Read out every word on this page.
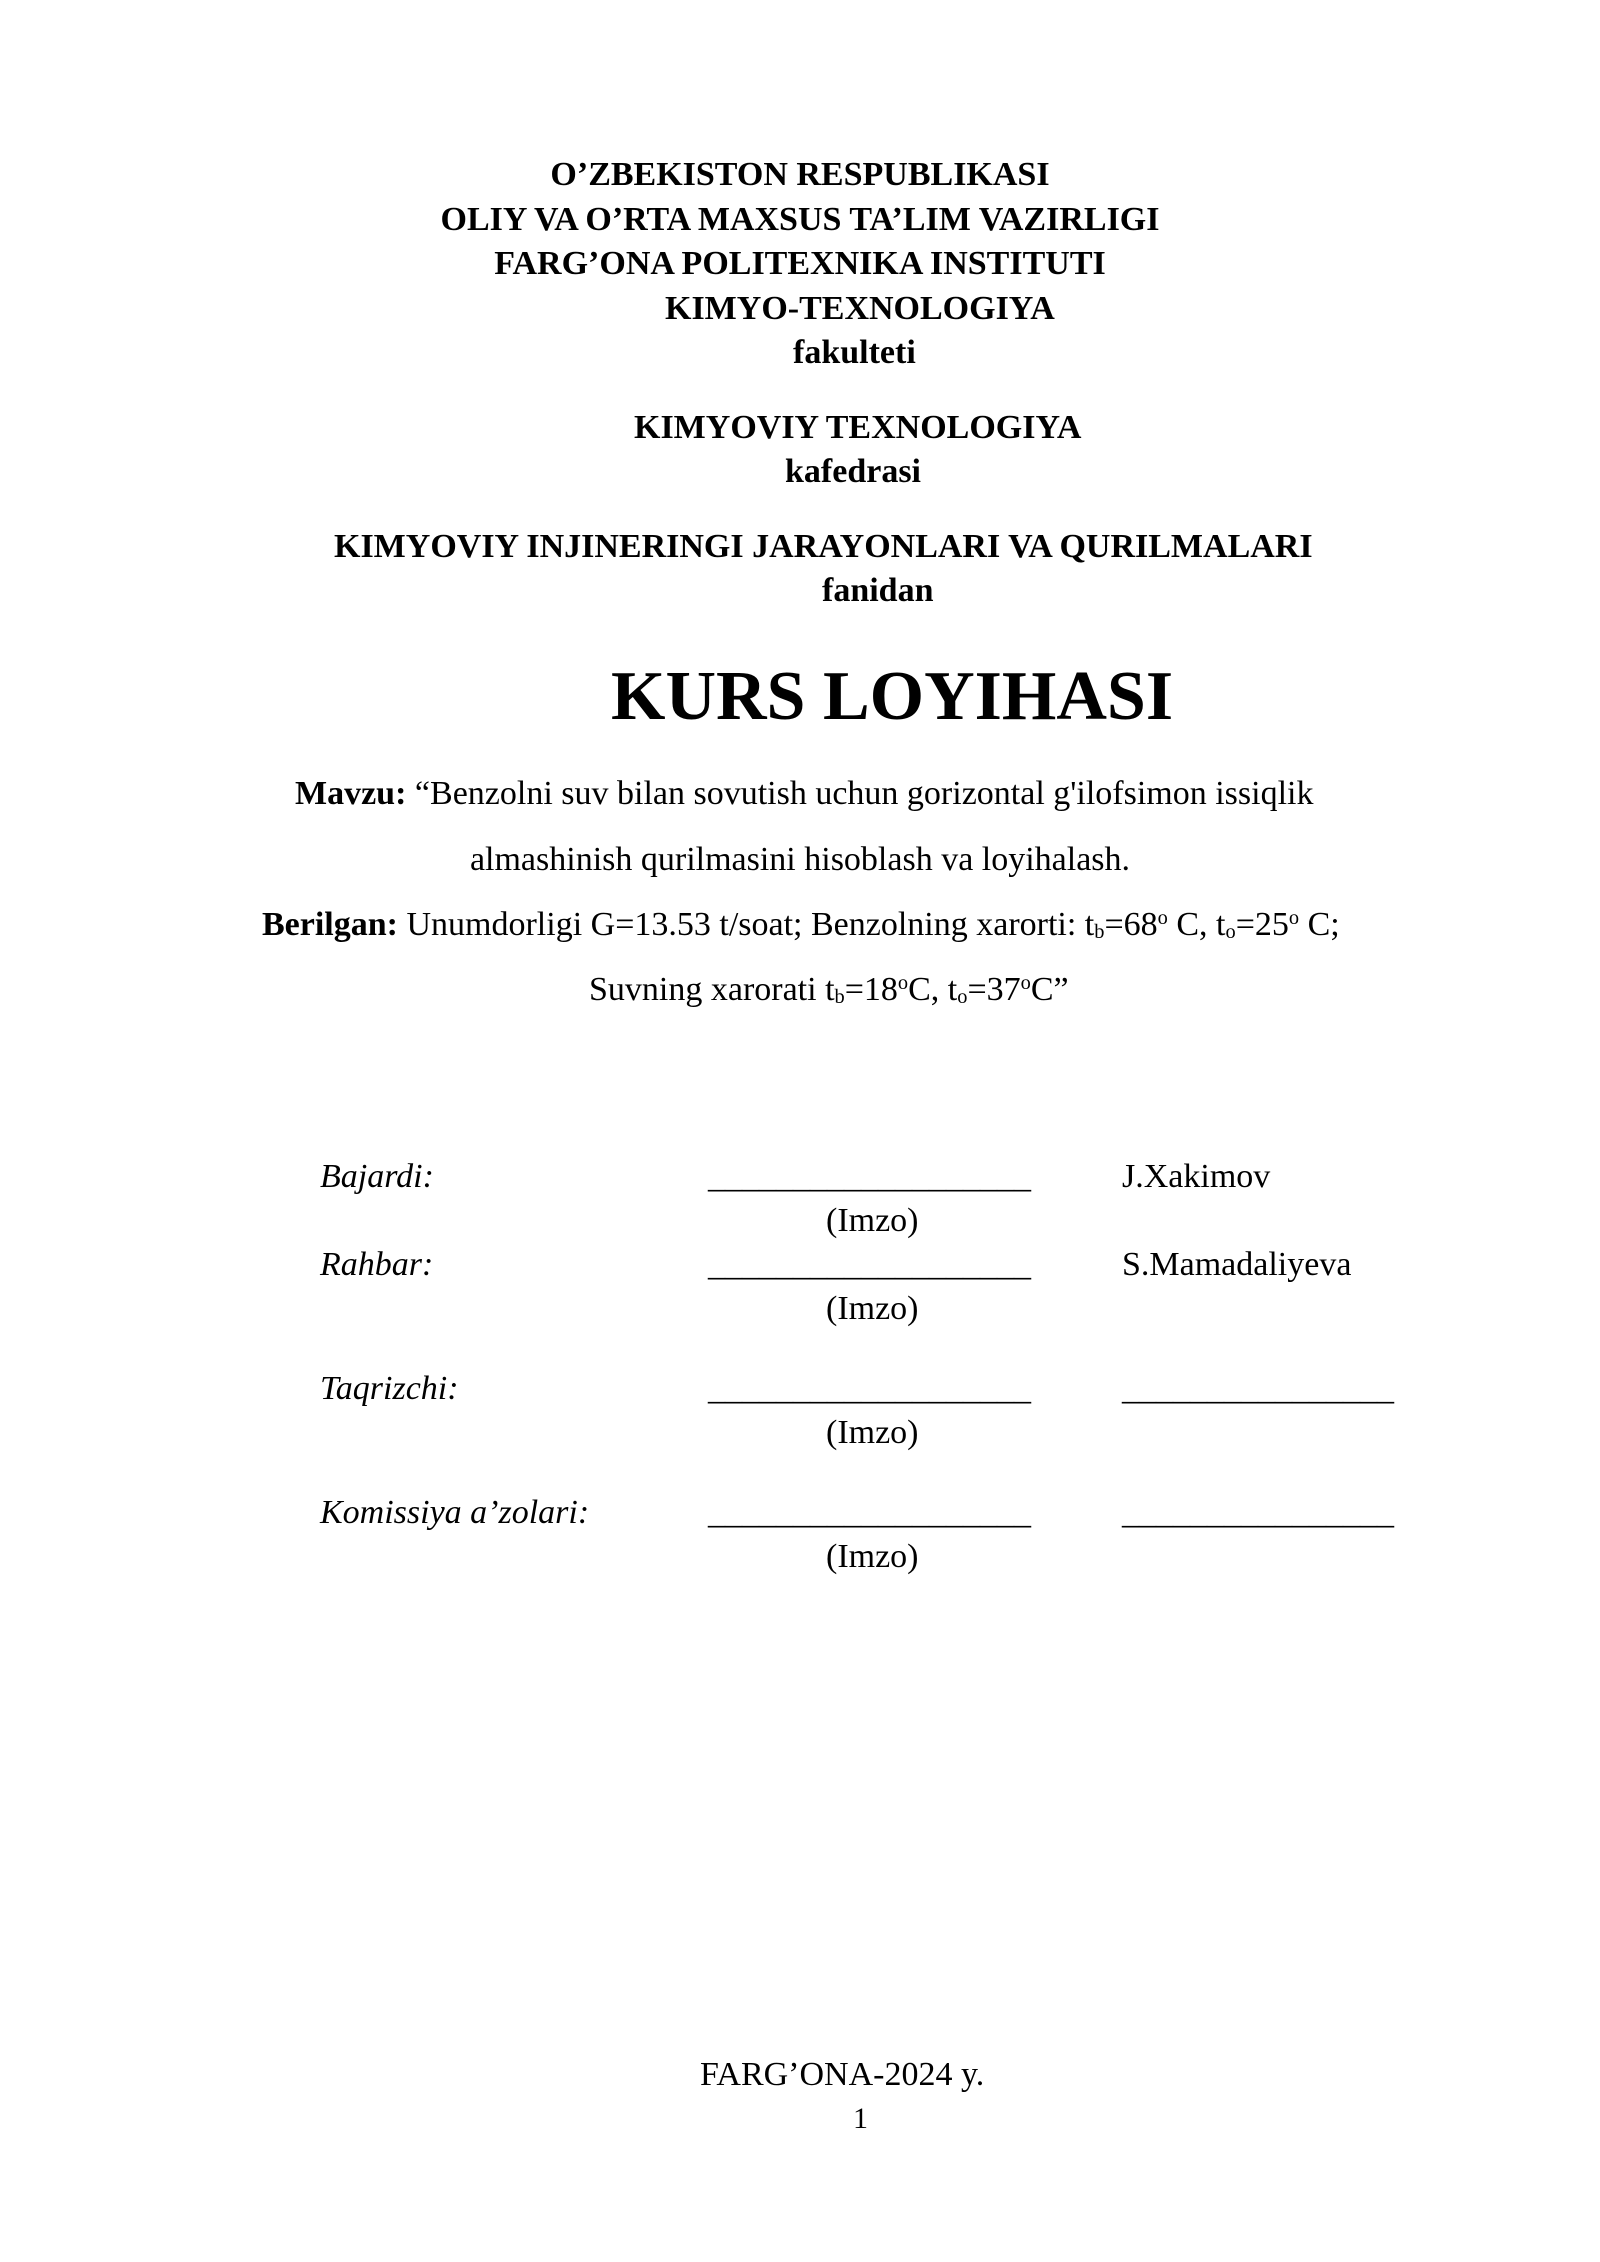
O’ZBEKISTON RESPUBLIKASI
OLIY VA O’RTA MAXSUS TA’LIM VAZIRLIGI
FARG’ONA POLITEXNIKA INSTITUTI
KIMYO-TEXNOLOGIYA
fakulteti
KIMYOVIY TEXNOLOGIYA
kafedrasi
KIMYOVIY INJINERINGI JARAYONLARI VA QURILMALARI
fanidan
KURS LOYIHASI
Mavzu: “Benzolni suv bilan sovutish uchun gorizontal g'ilofsimon issiqlik
almashinish qurilmasini hisoblash va loyihalash.
Berilgan: Unumdorligi G=13.53 t/soat; Benzolning xarorti: $t_b=68^o$ C, $t_o=25^o$ C;
Suvning xarorati $t_b=18^oC$, $t_o=37^oC$”
Bajardi:	___________________	J.Xakimov
(Imzo)
Rahbar:	___________________	S.Mamadaliyeva
(Imzo)
Taqrizchi:	___________________	________________
(Imzo)
Komissiya a’zolari:	___________________	________________
(Imzo)
FARG’ONA-2024 y.
1
